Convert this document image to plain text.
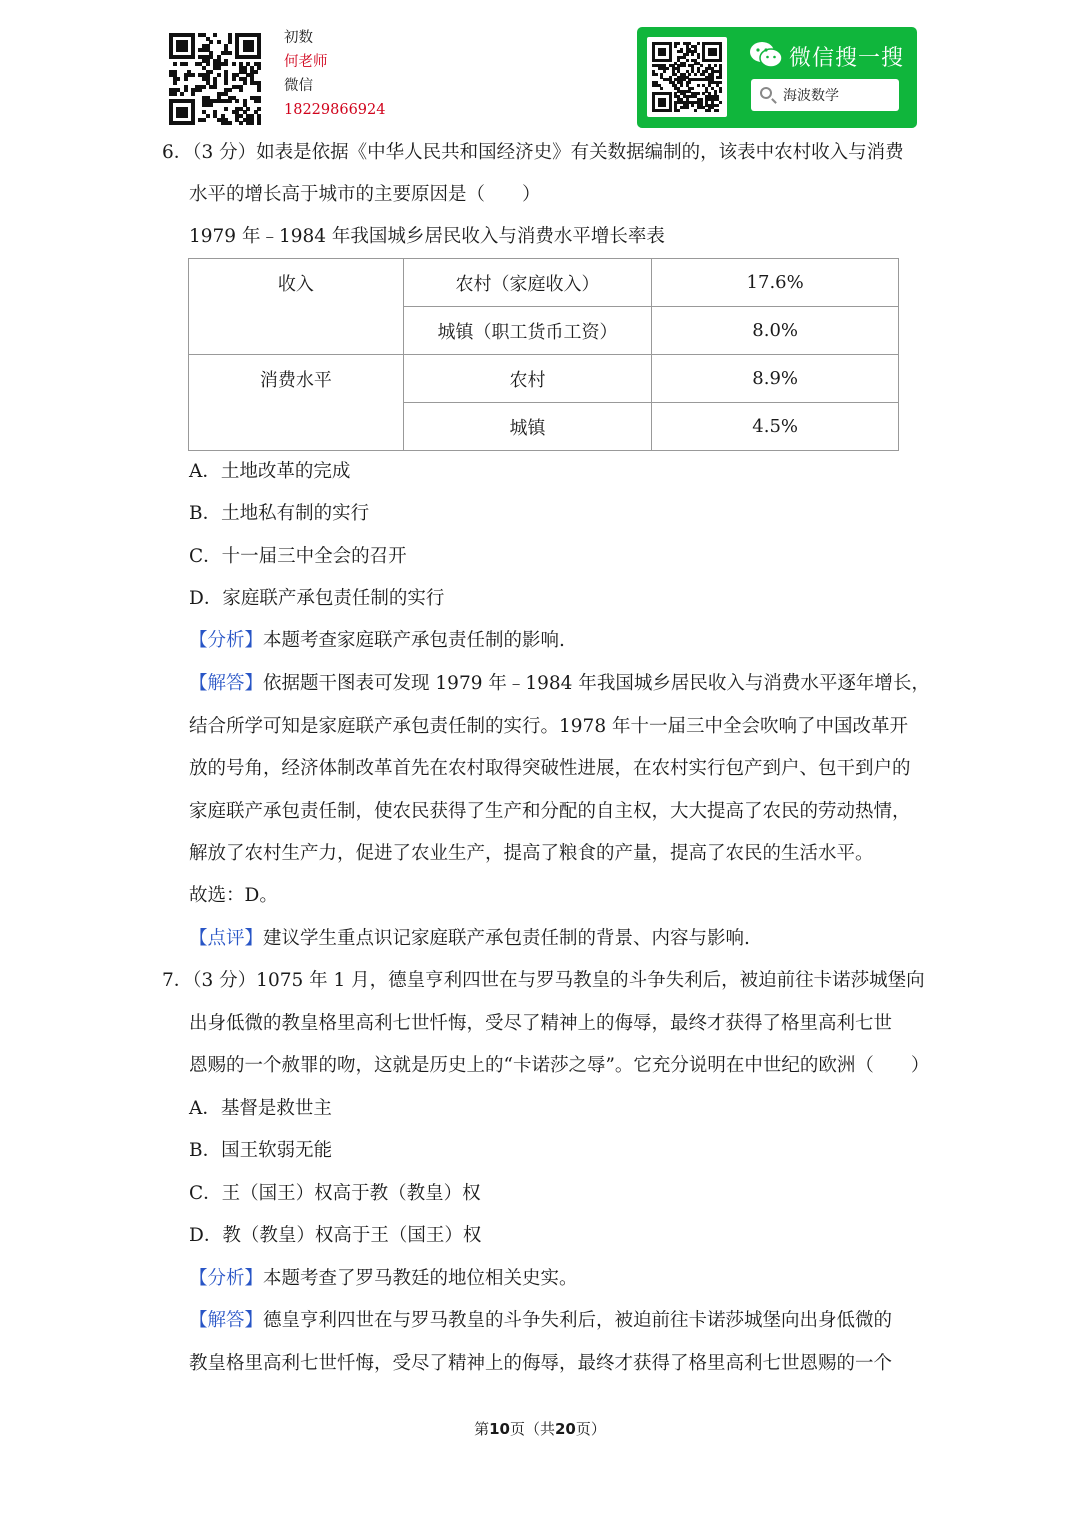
初数
何老师
微信
18229866924
微信搜一搜
海波数学
6．（3 分）如表是依据《中华人民共和国经济史》有关数据编制的，该表中农村收入与消费
水平的增长高于城市的主要原因是（　　）
1979 年﹣1984 年我国城乡居民收入与消费水平增长率表
收入	农村（家庭收入）	17.6%
	城镇（职工货币工资）	8.0%
消费水平	农村	8.9%
	城镇	4.5%
A．土地改革的完成
B．土地私有制的实行
C．十一届三中全会的召开
D．家庭联产承包责任制的实行
【分析】本题考查家庭联产承包责任制的影响.
【解答】依据题干图表可发现 1979 年﹣1984 年我国城乡居民收入与消费水平逐年增长，
结合所学可知是家庭联产承包责任制的实行。1978 年十一届三中全会吹响了中国改革开
放的号角，经济体制改革首先在农村取得突破性进展，在农村实行包产到户、包干到户的
家庭联产承包责任制，使农民获得了生产和分配的自主权，大大提高了农民的劳动热情，
解放了农村生产力，促进了农业生产，提高了粮食的产量，提高了农民的生活水平。
故选：D。
【点评】建议学生重点识记家庭联产承包责任制的背景、内容与影响.
7．（3 分）1075 年 1 月，德皇亨利四世在与罗马教皇的斗争失利后，被迫前往卡诺莎城堡向
出身低微的教皇格里高利七世忏悔，受尽了精神上的侮辱，最终才获得了格里高利七世
恩赐的一个赦罪的吻，这就是历史上的“卡诺莎之辱”。它充分说明在中世纪的欧洲（　　）
A．基督是救世主
B．国王软弱无能
C．王（国王）权高于教（教皇）权
D．教（教皇）权高于王（国王）权
【分析】本题考查了罗马教廷的地位相关史实。
【解答】德皇亨利四世在与罗马教皇的斗争失利后，被迫前往卡诺莎城堡向出身低微的
教皇格里高利七世忏悔，受尽了精神上的侮辱，最终才获得了格里高利七世恩赐的一个
第10页（共20页）
